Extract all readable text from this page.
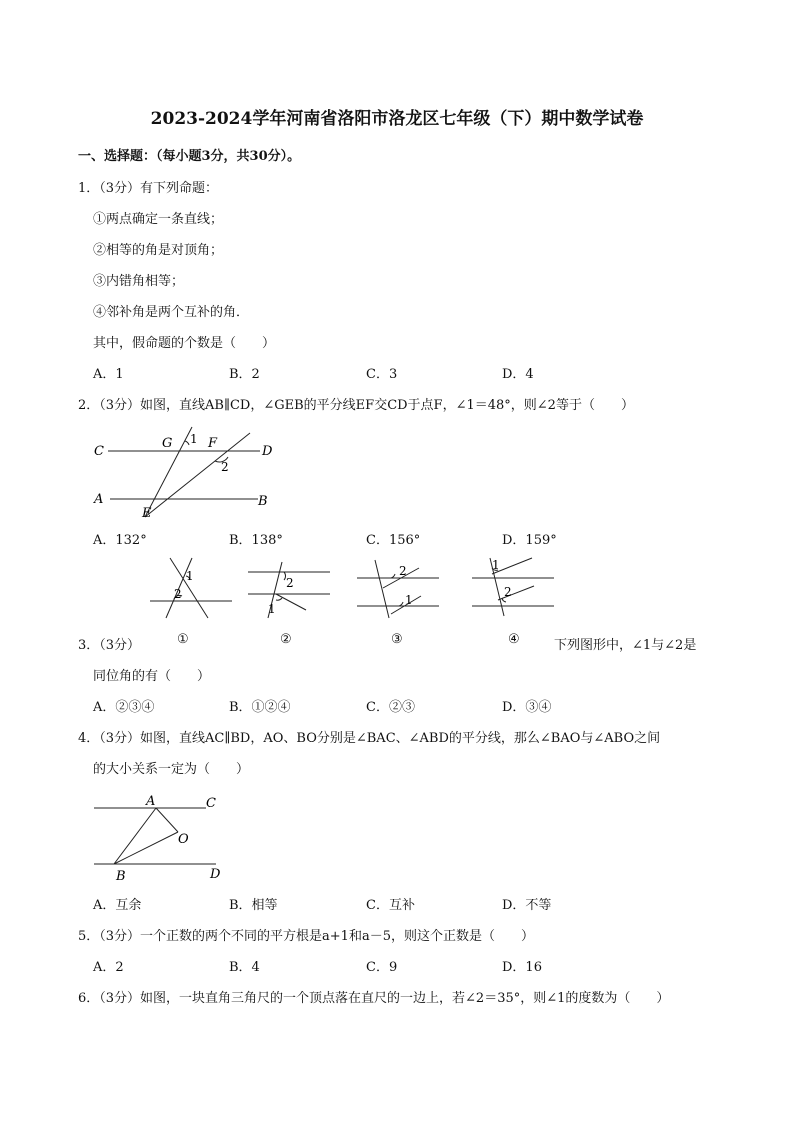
2023-2024学年河南省洛阳市洛龙区七年级（下）期中数学试卷
一、选择题：（每小题3分，共30分）。
1．（3分）有下列命题：
①两点确定一条直线；
②相等的角是对顶角；
③内错角相等；
④邻补角是两个互补的角．
其中，假命题的个数是（　　）
A．1	B．2	C．3	D．4
2．（3分）如图，直线AB∥CD，∠GEB的平分线EF交CD于点F，∠1＝48°，则∠2等于（　　）
C
G 1 F
D
2
A	B
E
A．132°	B．138°	C．156°	D．159°
1
2
2
1
2
1
1
2
3．（3分）	①	②	③	④	下列图形中，∠1与∠2是
同位角的有（　　）
A．②③④	B．①②④	C．②③	D．③④
4．（3分）如图，直线AC∥BD，AO、BO分别是∠BAC、∠ABD的平分线，那么∠BAO与∠ABO之间
的大小关系一定为（　　）
A	C
O
B	D
A．互余	B．相等	C．互补	D．不等
5．（3分）一个正数的两个不同的平方根是a+1和a－5，则这个正数是（　　）
A．2	B．4	C．9	D．16
6．（3分）如图，一块直角三角尺的一个顶点落在直尺的一边上，若∠2＝35°，则∠1的度数为（　　）
